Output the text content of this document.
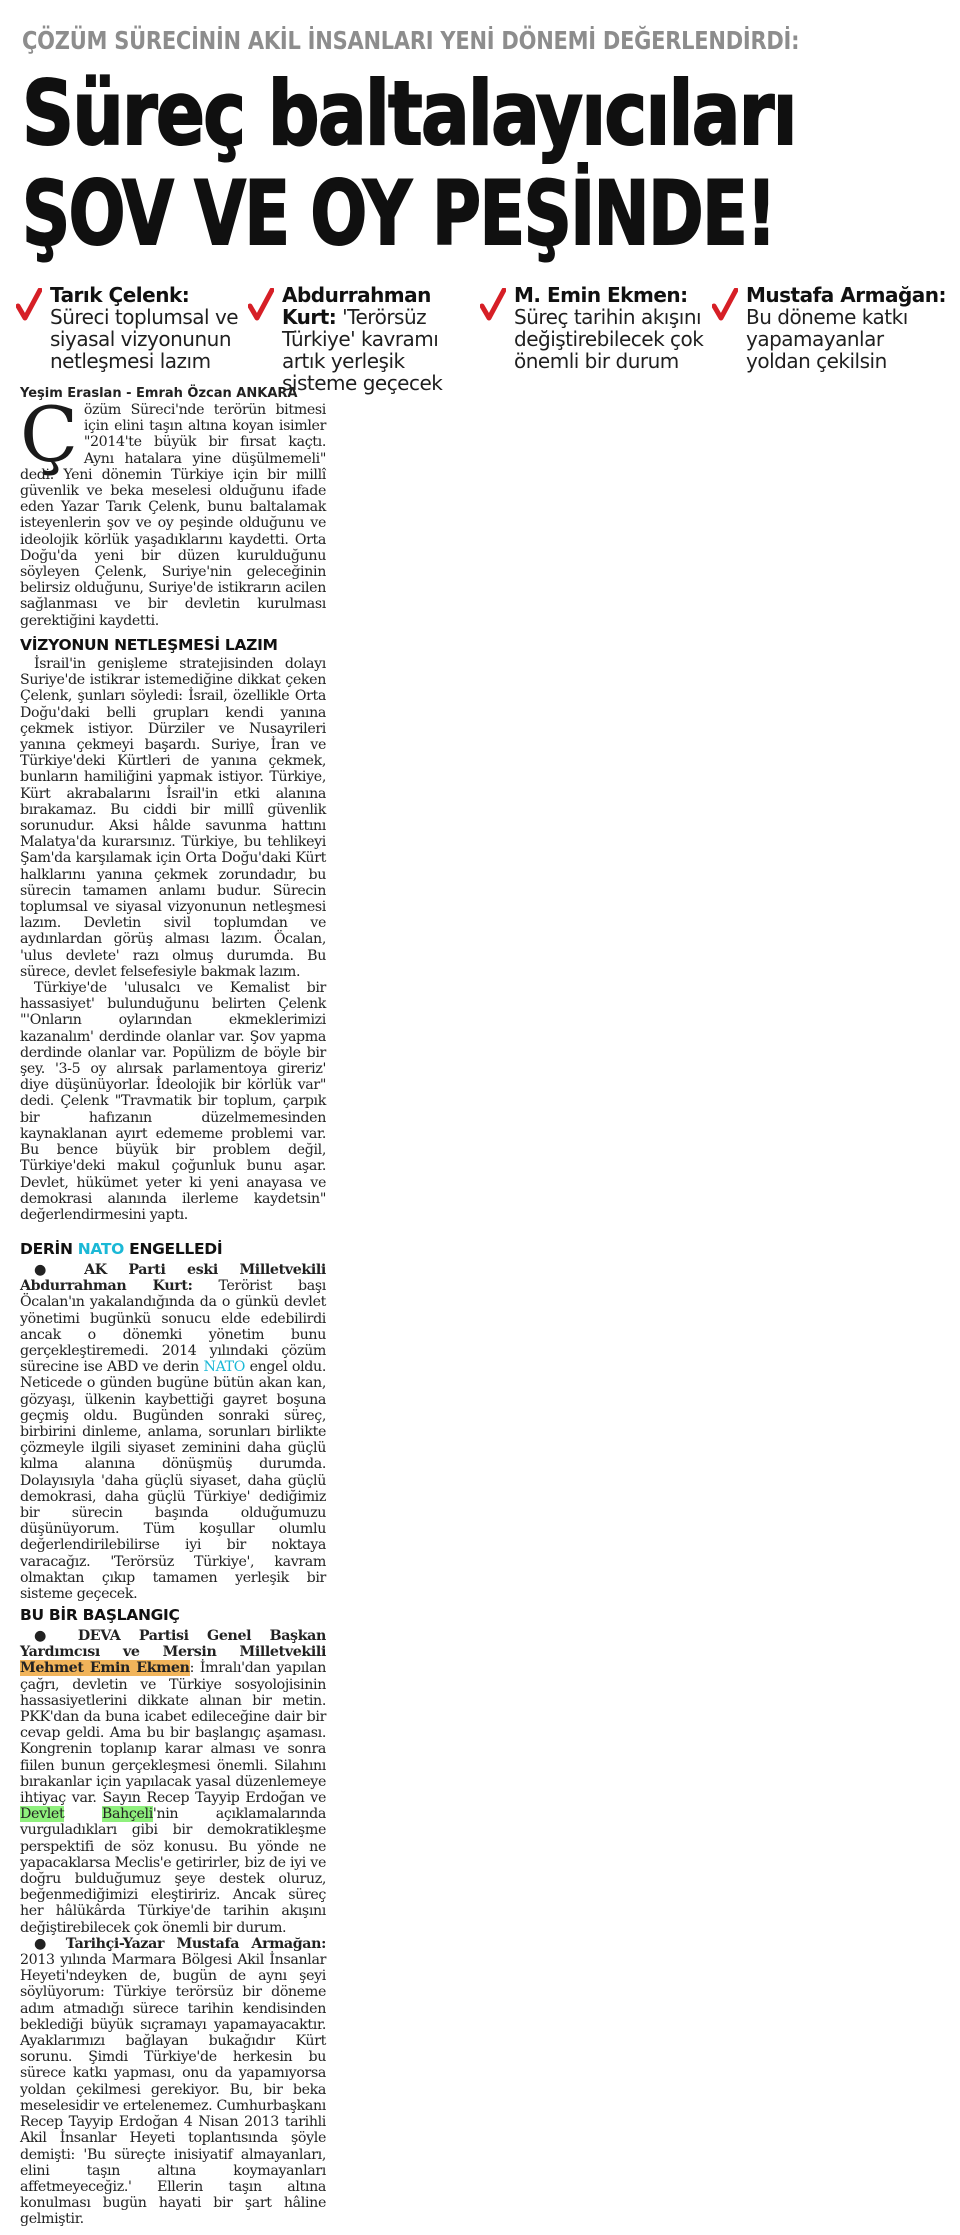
ÇÖZÜM SÜRECİNİN AKİL İNSANLARI YENİ DÖNEMİ DEĞERLENDİRDİ:
Süreç baltalayıcıları
ŞOV VE OY PEŞİNDE!
Tarık Çelenk: Süreci toplumsal ve siyasal vizyonunun netleşmesi lazım
Abdurrahman Kurt: 'Terörsüz Türkiye' kavramı artık yerleşik sisteme geçecek
M. Emin Ekmen: Süreç tarihin akışını değiştirebilecek çok önemli bir durum
Mustafa Armağan: Bu döneme katkı yapamayanlar yoldan çekilsin
Yeşim Eraslan - Emrah Özcan ANKARA
Çözüm Süreci'nde terörün bitmesi için elini taşın altına koyan isimler "2014'te büyük bir fırsat kaçtı. Aynı hatalara yine düşülmemeli" dedi. Yeni dönemin Türkiye için bir millî güvenlik ve beka meselesi olduğunu ifade eden Yazar Tarık Çelenk, bunu baltalamak isteyenlerin şov ve oy peşinde olduğunu ve ideolojik körlük yaşadıklarını kaydetti. Orta Doğu'da yeni bir düzen kurulduğunu söyleyen Çelenk, Suriye'nin geleceğinin belirsiz olduğunu, Suriye'de istikrarın acilen sağlanması ve bir devletin kurulması gerektiğini kaydetti.
VİZYONUN NETLEŞMESİ LAZIM

İsrail'in genişleme stratejisinden dolayı Suriye'de istikrar istemediğine dikkat çeken Çelenk, şunları söyledi: İsrail, özellikle Orta Doğu'daki belli grupları kendi yanına çekmek istiyor. Dürziler ve Nusayrileri yanına çekmeyi başardı. Suriye, İran ve Türkiye'deki Kürtleri de yanına çekmek, bunların hamiliğini yapmak istiyor. Türkiye, Kürt akrabalarını İsrail'in etki alanına bırakamaz. Bu ciddi bir millî güvenlik sorunudur. Aksi hâlde savunma hattını Malatya'da kurarsınız. Türkiye, bu tehlikeyi Şam'da karşılamak için Orta Doğu'daki Kürt halklarını yanına çekmek zorundadır, bu sürecin tamamen anlamı budur. Sürecin toplumsal ve siyasal vizyonunun netleşmesi lazım. Devletin sivil toplumdan ve aydınlardan görüş alması lazım. Öcalan, 'ulus devlete' razı olmuş durumda. Bu sürece, devlet felsefesiyle bakmak lazım.

Türkiye'de 'ulusalcı ve Kemalist bir hassasiyet' bulunduğunu belirten Çelenk "'Onların oylarından ekmeklerimizi kazanalım' derdinde olanlar var. Şov yapma derdinde olanlar var. Popülizm de böyle bir şey. '3-5 oy alırsak parlamentoya gireriz' diye düşünüyorlar. İdeolojik bir körlük var" dedi. Çelenk "Travmatik bir toplum, çarpık bir hafızanın düzelmemesinden kaynaklanan ayırt edememe problemi var. Bu bence büyük bir problem değil, Türkiye'deki makul çoğunluk bunu aşar. Devlet, hükümet yeter ki yeni anayasa ve demokrasi alanında ilerleme kaydetsin" değerlendirmesini yaptı.

DERİN NATO ENGELLEDİ

● AK Parti eski Milletvekili Abdurrahman Kurt: Terörist başı Öcalan'ın yakalandığında da o günkü devlet yönetimi bugünkü sonucu elde edebilirdi ancak o dönemki yönetim bunu gerçekleştiremedi. 2014 yılındaki çözüm sürecine ise ABD ve derin NATO engel oldu. Neticede o günden bugüne bütün akan kan, gözyaşı, ülkenin kaybettiği gayret boşuna geçmiş oldu. Bugünden sonraki süreç, birbirini dinleme, anlama, sorunları birlikte çözmeyle ilgili siyaset zeminini daha güçlü kılma alanına dönüşmüş durumda. Dolayısıyla 'daha güçlü siyaset, daha güçlü demokrasi, daha güçlü Türkiye' dediğimiz bir sürecin başında olduğumuzu düşünüyorum. Tüm koşullar olumlu değerlendirilebilirse iyi bir noktaya varacağız. 'Terörsüz Türkiye', kavram olmaktan çıkıp tamamen yerleşik bir sisteme geçecek.

BU BİR BAŞLANGIÇ

● DEVA Partisi Genel Başkan Yardımcısı ve Mersin Milletvekili Mehmet Emin Ekmen: İmralı'dan yapılan çağrı, devletin ve Türkiye sosyolojisinin hassasiyetlerini dikkate alınan bir metin. PKK'dan da buna icabet edileceğine dair bir cevap geldi. Ama bu bir başlangıç aşaması. Kongrenin toplanıp karar alması ve sonra fiilen bunun gerçekleşmesi önemli. Silahını bırakanlar için yapılacak yasal düzenlemeye ihtiyaç var. Sayın Recep Tayyip Erdoğan ve Devlet	Bahçeli'nin açıklamalarında vurguladıkları gibi bir demokratikleşme perspektifi de söz konusu. Bu yönde ne yapacaklarsa Meclis'e getirirler, biz de iyi ve doğru bulduğumuz şeye destek oluruz, beğenmediğimizi eleştiririz. Ancak süreç her hâlükârda Türkiye'de tarihin akışını değiştirebilecek çok önemli bir durum.

● Tarihçi-Yazar Mustafa Armağan: 2013 yılında Marmara Bölgesi Akil İnsanlar Heyeti'ndeyken de, bugün de aynı şeyi söylüyorum: Türkiye terörsüz bir döneme adım atmadığı sürece tarihin kendisinden beklediği büyük sıçramayı yapamayacaktır. Ayaklarımızı bağlayan bukağıdır Kürt sorunu. Şimdi Türkiye'de herkesin bu sürece katkı yapması, onu da yapamıyorsa yoldan çekilmesi gerekiyor. Bu, bir beka meselesidir ve ertelenemez. Cumhurbaşkanı Recep Tayyip Erdoğan 4 Nisan 2013 tarihli Akil İnsanlar Heyeti toplantısında şöyle demişti: 'Bu süreçte inisiyatif almayanları, elini taşın altına koymayanları affetmeyeceğiz.' Ellerin taşın altına konulması bugün hayati bir şart hâline gelmiştir.
